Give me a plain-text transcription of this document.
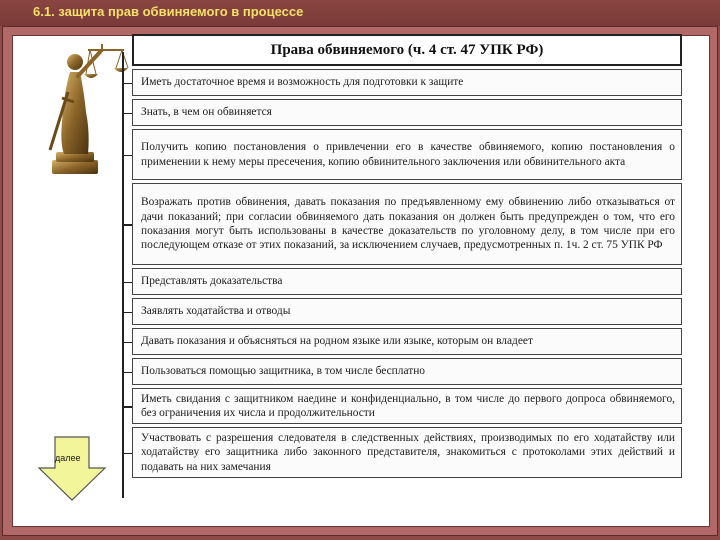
6.1. защита прав обвиняемого в процессе
далее
Права обвиняемого (ч. 4 ст. 47 УПК РФ)
Иметь достаточное время и возможность для подготовки к защите
Знать, в чем он обвиняется
Получить копию постановления о привлечении его в качестве обвиняемого, копию постановления о применении к нему меры пресечения, копию обвинительного заключения или обвинительного акта
Возражать против обвинения, давать показания по предъявленному ему обвинению либо отказываться от дачи показаний; при согласии обвиняемого дать показания он должен быть предупрежден о том, что его показания могут быть использованы в качестве доказательств по уголовному делу, в том числе при его последующем отказе от этих показаний, за исключением случаев, предусмотренных п. 1ч. 2 ст. 75 УПК РФ
Представлять доказательства
Заявлять ходатайства и отводы
Давать показания и объясняться на родном языке или языке, которым он владеет
Пользоваться помощью защитника, в том числе бесплатно
Иметь свидания с защитником наедине и конфиденциально, в том числе до первого допроса обвиняемого, без ограничения их числа и продолжительности
Участвовать с разрешения следователя в следственных действиях, производимых по его ходатайству или ходатайству его защитника либо законного представителя, знакомиться с протоколами этих действий и подавать на них замечания
